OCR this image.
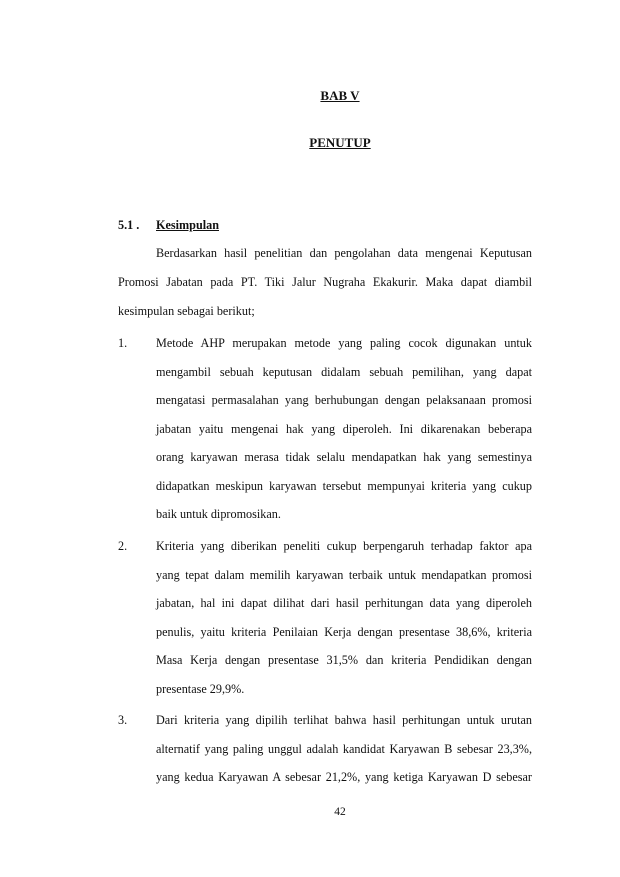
BAB V
PENUTUP
5.1 . Kesimpulan
Berdasarkan hasil penelitian dan pengolahan data mengenai Keputusan
Promosi Jabatan pada PT. Tiki Jalur Nugraha Ekakurir. Maka dapat diambil
kesimpulan sebagai berikut;
1. Metode AHP merupakan metode yang paling cocok digunakan untuk
mengambil sebuah keputusan didalam sebuah pemilihan, yang dapat
mengatasi permasalahan yang berhubungan dengan pelaksanaan promosi
jabatan yaitu mengenai hak yang diperoleh. Ini dikarenakan beberapa
orang karyawan merasa tidak selalu mendapatkan hak yang semestinya
didapatkan meskipun karyawan tersebut mempunyai kriteria yang cukup
baik untuk dipromosikan.
2. Kriteria yang diberikan peneliti cukup berpengaruh terhadap faktor apa
yang tepat dalam memilih karyawan terbaik untuk mendapatkan promosi
jabatan, hal ini dapat dilihat dari hasil perhitungan data yang diperoleh
penulis, yaitu kriteria Penilaian Kerja dengan presentase 38,6%, kriteria
Masa Kerja dengan presentase 31,5% dan kriteria Pendidikan dengan
presentase 29,9%.
3. Dari kriteria yang dipilih terlihat bahwa hasil perhitungan untuk urutan
alternatif yang paling unggul adalah kandidat Karyawan B sebesar 23,3%,
yang kedua Karyawan A sebesar 21,2%, yang ketiga Karyawan D sebesar
42
